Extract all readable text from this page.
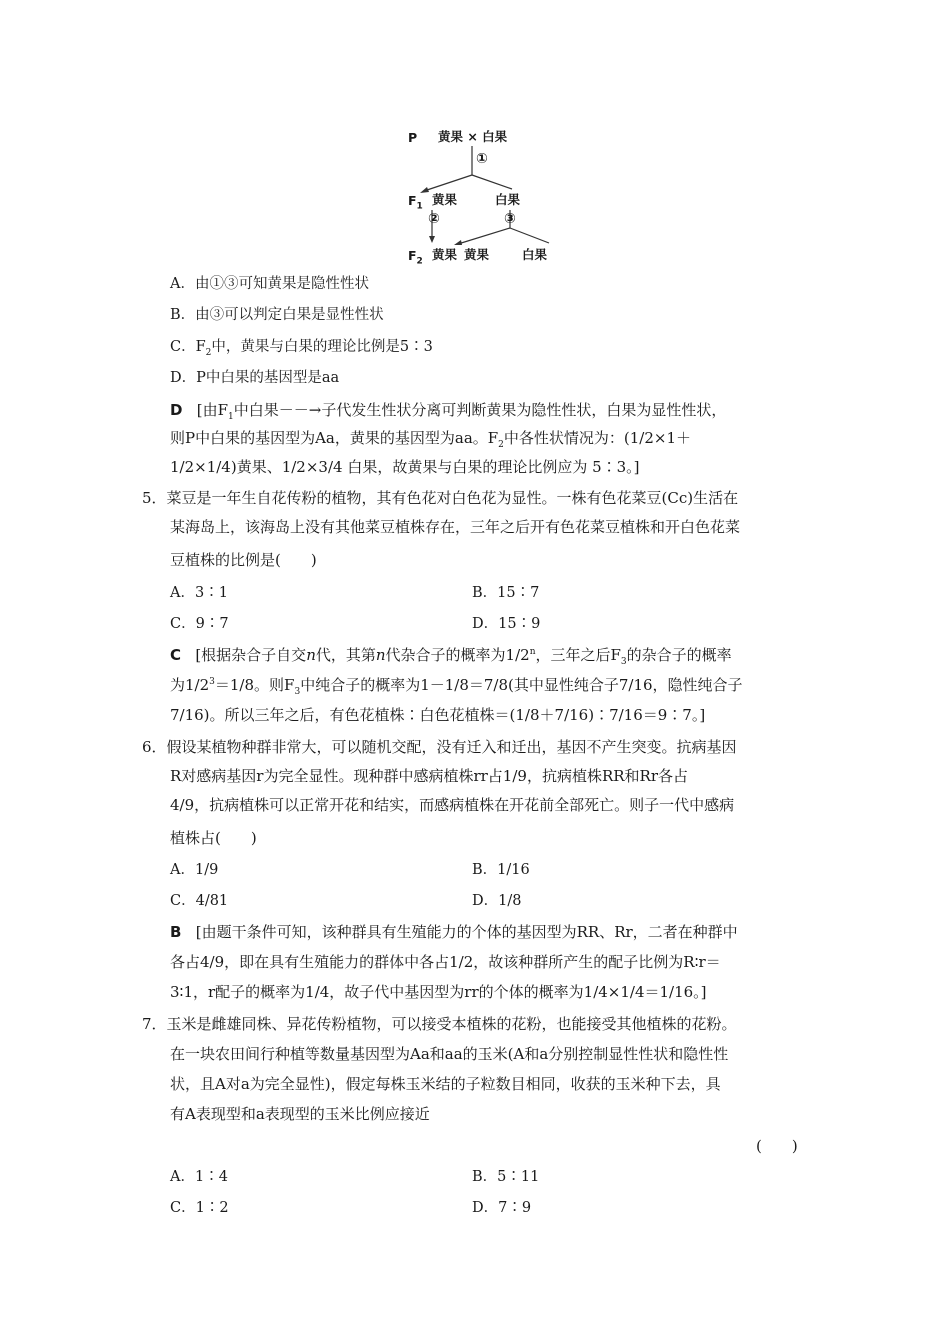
P 黄果 × 白果
①
$F_1$ 黄果	白果
②	③
$F_2$ 黄果 黄果	白果
A．由①③可知黄果是隐性性状
B．由③可以判定白果是显性性状
C．$F_2$中，黄果与白果的理论比例是5∶3
D．P中白果的基因型是aa
D [由$F_1$中白果－－→子代发生性状分离可判断黄果为隐性性状，白果为显性性状，
则P中白果的基因型为Aa，黄果的基因型为aa。$F_2$中各性状情况为：(1/2×1＋
1/2×1/4)黄果、1/2×3/4 白果，故黄果与白果的理论比例应为 5∶3。]
5．菜豆是一年生自花传粉的植物，其有色花对白色花为显性。一株有色花菜豆(Cc)生活在
某海岛上，该海岛上没有其他菜豆植株存在，三年之后开有色花菜豆植株和开白色花菜
豆植株的比例是(　　)
A．3∶1	B．15∶7
C．9∶7	D．15∶9
C [根据杂合子自交n代，其第n代杂合子的概率为1/2$^n$，三年之后$F_3$的杂合子的概率
为$1/2^3=1/8$。则$F_3$中纯合子的概率为1－1/8＝7/8(其中显性纯合子7/16，隐性纯合子
7/16)。所以三年之后，有色花植株∶白色花植株＝(1/8＋7/16)∶7/16＝9∶7。]
6．假设某植物种群非常大，可以随机交配，没有迁入和迁出，基因不产生突变。抗病基因
R对感病基因r为完全显性。现种群中感病植株rr占1/9，抗病植株RR和Rr各占
4/9，抗病植株可以正常开花和结实，而感病植株在开花前全部死亡。则子一代中感病
植株占(　　)
A．1/9	B．1/16
C．4/81	D．1/8
B [由题干条件可知，该种群具有生殖能力的个体的基因型为RR、Rr，二者在种群中
各占4/9，即在具有生殖能力的群体中各占1/2，故该种群所产生的配子比例为R∶r＝
3∶1，r配子的概率为1/4，故子代中基因型为rr的个体的概率为1/4×1/4＝1/16。]
7．玉米是雌雄同株、异花传粉植物，可以接受本植株的花粉，也能接受其他植株的花粉。
在一块农田间行种植等数量基因型为Aa和aa的玉米(A和a分别控制显性性状和隐性性
状，且A对a为完全显性)，假定每株玉米结的子粒数目相同，收获的玉米种下去，具
有A表现型和a表现型的玉米比例应接近
(　　)
A．1∶4	B．5∶11
C．1∶2	D．7∶9
